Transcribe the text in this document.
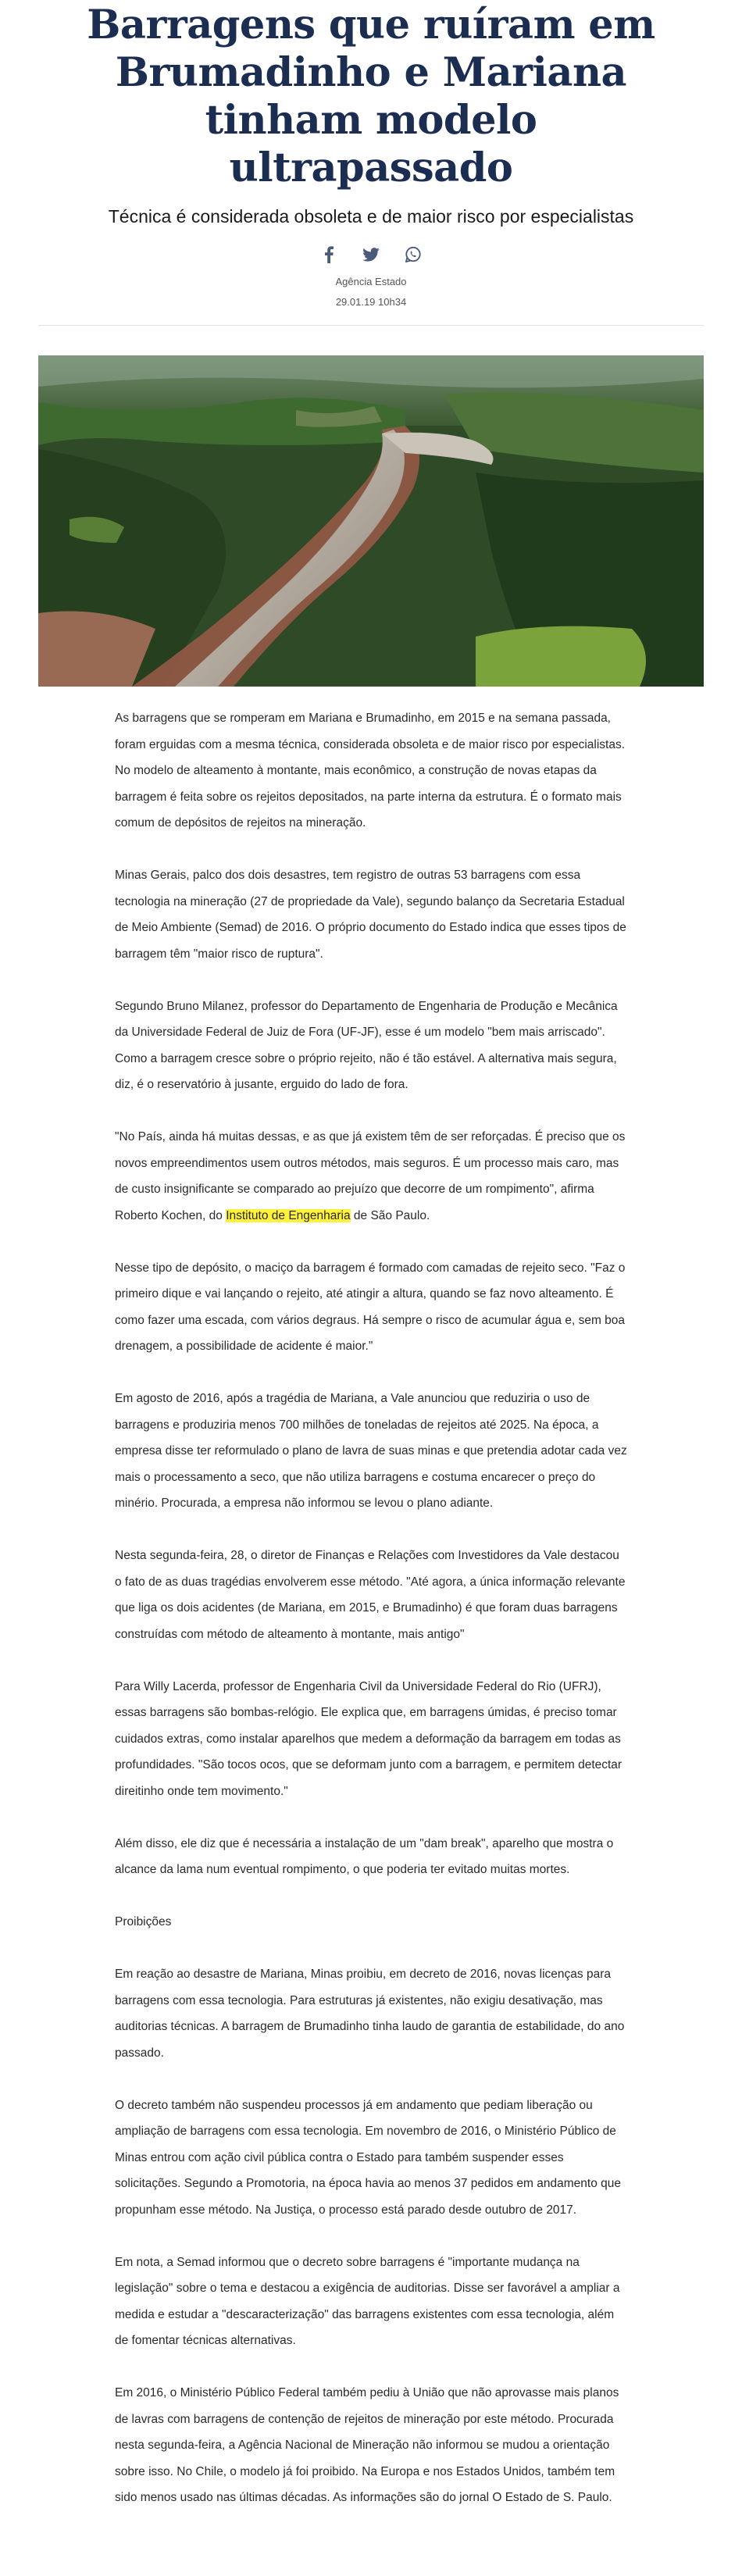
Barragens que ruíram em Brumadinho e Mariana tinham modelo ultrapassado
Técnica é considerada obsoleta e de maior risco por especialistas
Agência Estado
29.01.19 10h34

As barragens que se romperam em Mariana e Brumadinho, em 2015 e na semana passada, foram erguidas com a mesma técnica, considerada obsoleta e de maior risco por especialistas. No modelo de alteamento à montante, mais econômico, a construção de novas etapas da barragem é feita sobre os rejeitos depositados, na parte interna da estrutura. É o formato mais comum de depósitos de rejeitos na mineração.

Minas Gerais, palco dos dois desastres, tem registro de outras 53 barragens com essa tecnologia na mineração (27 de propriedade da Vale), segundo balanço da Secretaria Estadual de Meio Ambiente (Semad) de 2016. O próprio documento do Estado indica que esses tipos de barragem têm "maior risco de ruptura".

Segundo Bruno Milanez, professor do Departamento de Engenharia de Produção e Mecânica da Universidade Federal de Juiz de Fora (UF-JF), esse é um modelo "bem mais arriscado". Como a barragem cresce sobre o próprio rejeito, não é tão estável. A alternativa mais segura, diz, é o reservatório à jusante, erguido do lado de fora.

"No País, ainda há muitas dessas, e as que já existem têm de ser reforçadas. É preciso que os novos empreendimentos usem outros métodos, mais seguros. É um processo mais caro, mas de custo insignificante se comparado ao prejuízo que decorre de um rompimento", afirma Roberto Kochen, do Instituto de Engenharia de São Paulo.

Nesse tipo de depósito, o maciço da barragem é formado com camadas de rejeito seco. "Faz o primeiro dique e vai lançando o rejeito, até atingir a altura, quando se faz novo alteamento. É como fazer uma escada, com vários degraus. Há sempre o risco de acumular água e, sem boa drenagem, a possibilidade de acidente é maior."

Em agosto de 2016, após a tragédia de Mariana, a Vale anunciou que reduziria o uso de barragens e produziria menos 700 milhões de toneladas de rejeitos até 2025. Na época, a empresa disse ter reformulado o plano de lavra de suas minas e que pretendia adotar cada vez mais o processamento a seco, que não utiliza barragens e costuma encarecer o preço do minério. Procurada, a empresa não informou se levou o plano adiante.

Nesta segunda-feira, 28, o diretor de Finanças e Relações com Investidores da Vale destacou o fato de as duas tragédias envolverem esse método. "Até agora, a única informação relevante que liga os dois acidentes (de Mariana, em 2015, e Brumadinho) é que foram duas barragens construídas com método de alteamento à montante, mais antigo"

Para Willy Lacerda, professor de Engenharia Civil da Universidade Federal do Rio (UFRJ), essas barragens são bombas-relógio. Ele explica que, em barragens úmidas, é preciso tomar cuidados extras, como instalar aparelhos que medem a deformação da barragem em todas as profundidades. "São tocos ocos, que se deformam junto com a barragem, e permitem detectar direitinho onde tem movimento."

Além disso, ele diz que é necessária a instalação de um "dam break", aparelho que mostra o alcance da lama num eventual rompimento, o que poderia ter evitado muitas mortes.

Proibições

Em reação ao desastre de Mariana, Minas proibiu, em decreto de 2016, novas licenças para barragens com essa tecnologia. Para estruturas já existentes, não exigiu desativação, mas auditorias técnicas. A barragem de Brumadinho tinha laudo de garantia de estabilidade, do ano passado.

O decreto também não suspendeu processos já em andamento que pediam liberação ou ampliação de barragens com essa tecnologia. Em novembro de 2016, o Ministério Público de Minas entrou com ação civil pública contra o Estado para também suspender esses solicitações. Segundo a Promotoria, na época havia ao menos 37 pedidos em andamento que propunham esse método. Na Justiça, o processo está parado desde outubro de 2017.

Em nota, a Semad informou que o decreto sobre barragens é "importante mudança na legislação" sobre o tema e destacou a exigência de auditorias. Disse ser favorável a ampliar a medida e estudar a "descaracterização" das barragens existentes com essa tecnologia, além de fomentar técnicas alternativas.

Em 2016, o Ministério Público Federal também pediu à União que não aprovasse mais planos de lavras com barragens de contenção de rejeitos de mineração por este método. Procurada nesta segunda-feira, a Agência Nacional de Mineração não informou se mudou a orientação sobre isso. No Chile, o modelo já foi proibido. Na Europa e nos Estados Unidos, também tem sido menos usado nas últimas décadas. As informações são do jornal O Estado de S. Paulo.
